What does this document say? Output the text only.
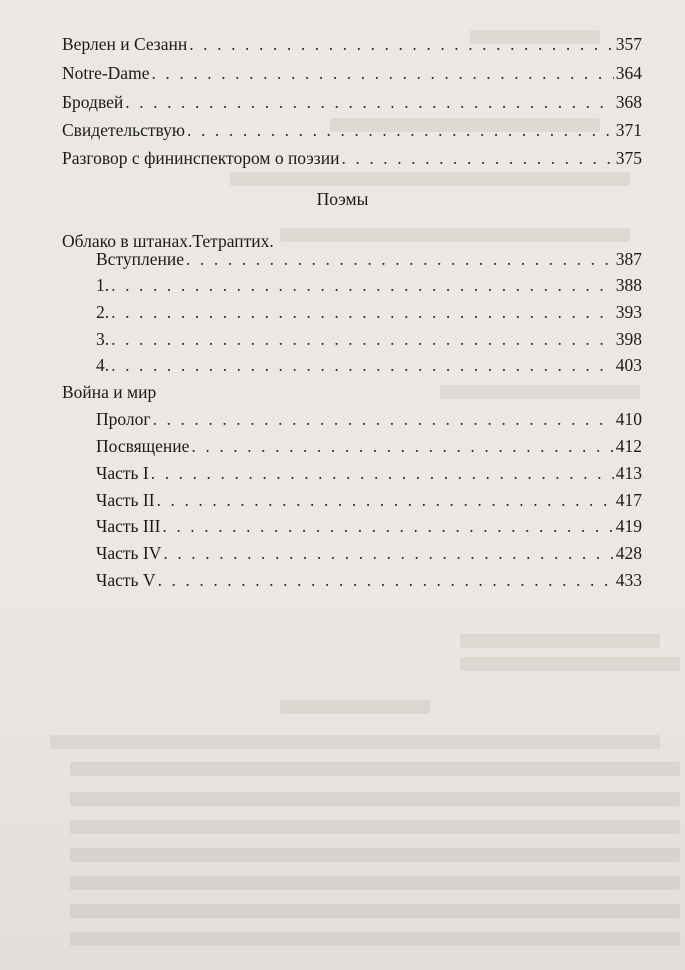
Верлен и Сезанн . . .	357
Notre-Dame . . .	364
Бродвей . . .	368
Свидетельствую . . .	371
Разговор с фининспектором о поэзии . . .	375
Поэмы
Облако в штанах.Тетраптих.
Вступление . . .	387
1. . . .	388
2. . . .	393
3. . . .	398
4. . . .	403
Война и мир
Пролог . . .	410
Посвящение . . .	412
Часть I . . .	413
Часть II . . .	417
Часть III . . .	419
Часть IV . . .	428
Часть V . . .	433
